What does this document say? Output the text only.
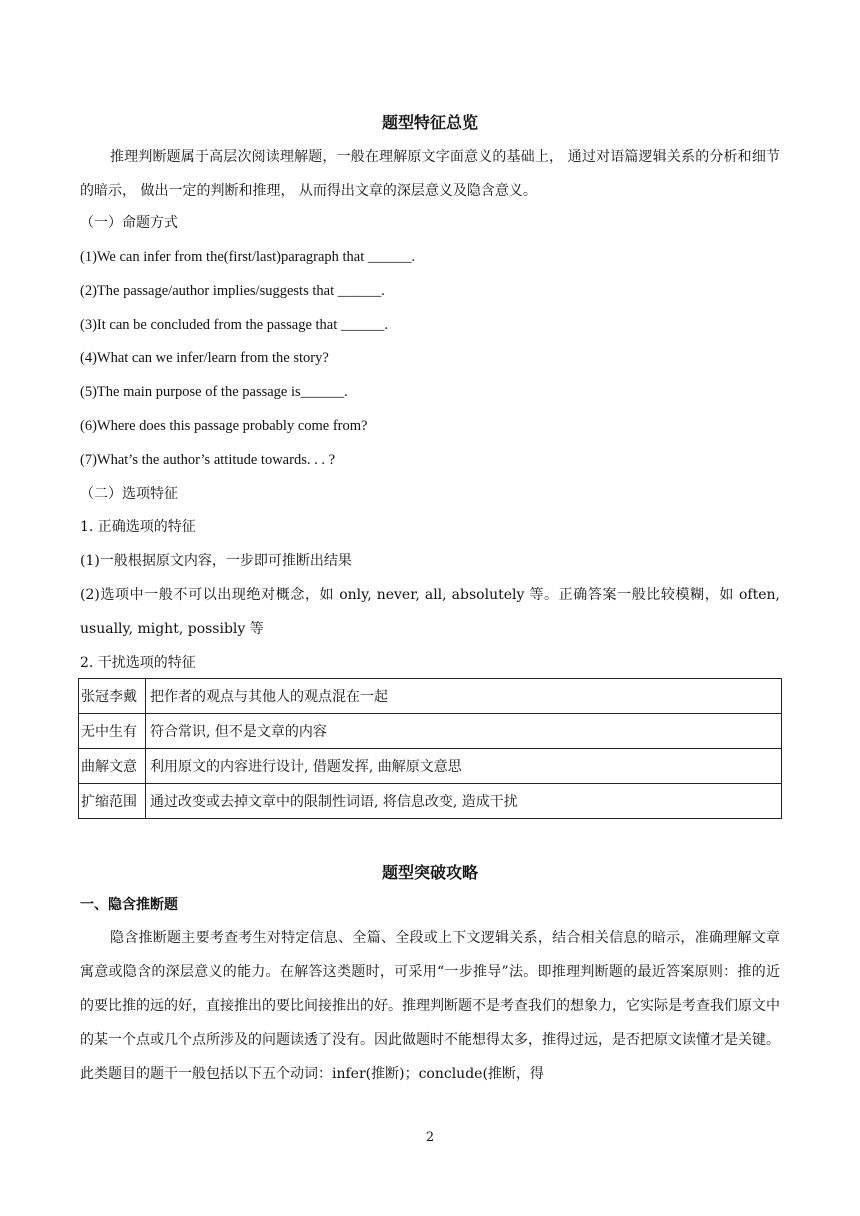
题型特征总览

推理判断题属于高层次阅读理解题，一般在理解原文字面意义的基础上， 通过对语篇逻辑关系的分析和细节的暗示， 做出一定的判断和推理， 从而得出文章的深层意义及隐含意义。

（一）命题方式
(1)We can infer from the(first/last)paragraph that ______.
(2)The passage/author implies/suggests that ______.
(3)It can be concluded from the passage that ______.
(4)What can we infer/learn from the story?
(5)The main purpose of the passage is______.
(6)Where does this passage probably come from?
(7)What’s the author’s attitude towards. . . ?
（二）选项特征
1. 正确选项的特征
(1)一般根据原文内容，一步即可推断出结果
(2)选项中一般不可以出现绝对概念，如 only, never, all, absolutely 等。正确答案一般比较模糊，如 often, usually, might, possibly 等
2. 干扰选项的特征
张冠李戴	把作者的观点与其他人的观点混在一起
无中生有	符合常识, 但不是文章的内容
曲解文意	利用原文的内容进行设计, 借题发挥, 曲解原文意思
扩缩范围	通过改变或去掉文章中的限制性词语, 将信息改变, 造成干扰
题型突破攻略
一、隐含推断题

隐含推断题主要考查考生对特定信息、全篇、全段或上下文逻辑关系，结合相关信息的暗示，准确理解文章寓意或隐含的深层意义的能力。在解答这类题时，可采用“一步推导”法。即推理判断题的最近答案原则：推的近的要比推的远的好，直接推出的要比间接推出的好。推理判断题不是考查我们的想象力，它实际是考查我们原文中的某一个点或几个点所涉及的问题读透了没有。因此做题时不能想得太多，推得过远，是否把原文读懂才是关键。此类题目的题干一般包括以下五个动词：infer(推断)；conclude(推断，得

2
